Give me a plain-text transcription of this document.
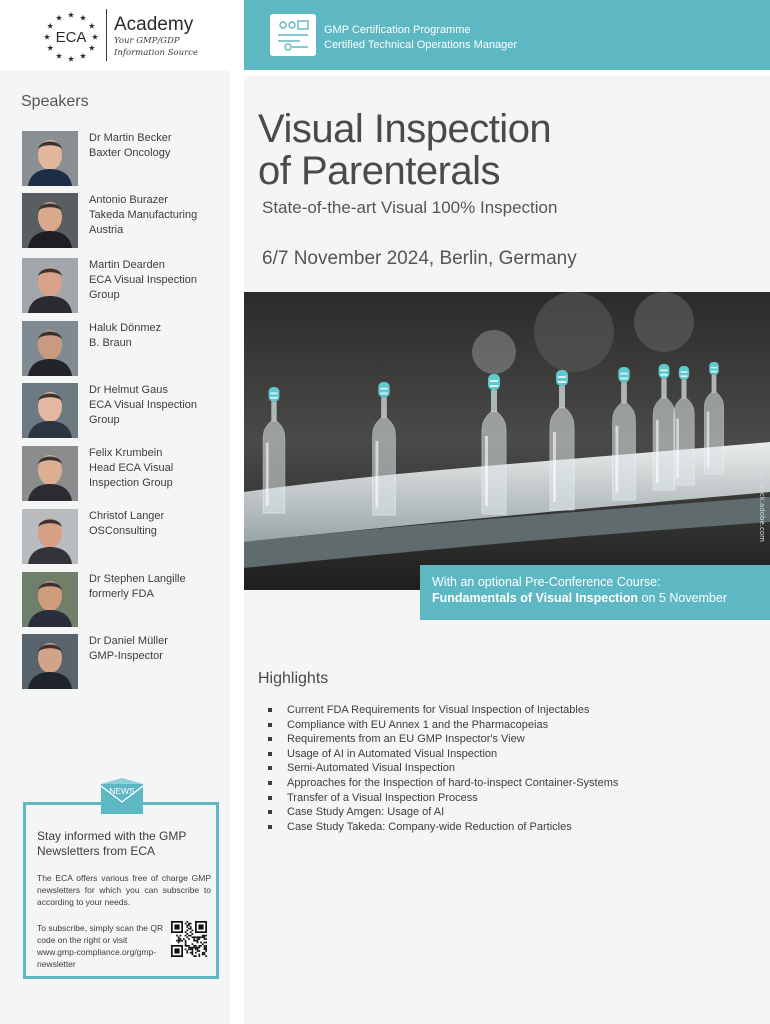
ECA
Academy
Your GMP/GDP
Information Source
Speakers
Dr Martin Becker
Baxter Oncology
Antonio Burazer
Takeda Manufacturing Austria
Martin Dearden
ECA Visual Inspection Group
Haluk Dönmez
B. Braun
Dr Helmut Gaus
ECA Visual Inspection Group
Felix Krumbein
Head ECA Visual Inspection Group
Christof Langer
OSConsulting
Dr Stephen Langille
formerly FDA
Dr Daniel Müller
GMP-Inspector
Stay informed with the GMP Newsletters from ECA
The ECA offers various free of charge GMP newsletters for which you can subscribe to according to your needs.
To subscribe, simply scan the QR code on the right or visit www.gmp-compliance.org/gmp-newsletter
NEWS
GMP Certification Programme
Certified Technical Operations Manager
Visual Inspection
of Parenterals
State-of-the-art Visual 100% Inspection
6/7 November 2024, Berlin, Germany
© stock.adobe.com
With an optional Pre-Conference Course:
Fundamentals of Visual Inspection on 5 November
Highlights
Current FDA Requirements for Visual Inspection of Injectables
Compliance with EU Annex 1 and the Pharmacopeias
Requirements from an EU GMP Inspector's View
Usage of AI in Automated Visual Inspection
Semi-Automated Visual Inspection
Approaches for the Inspection of hard-to-inspect Container-Systems
Transfer of a Visual Inspection Process
Case Study Amgen: Usage of AI
Case Study Takeda: Company-wide Reduction of Particles
